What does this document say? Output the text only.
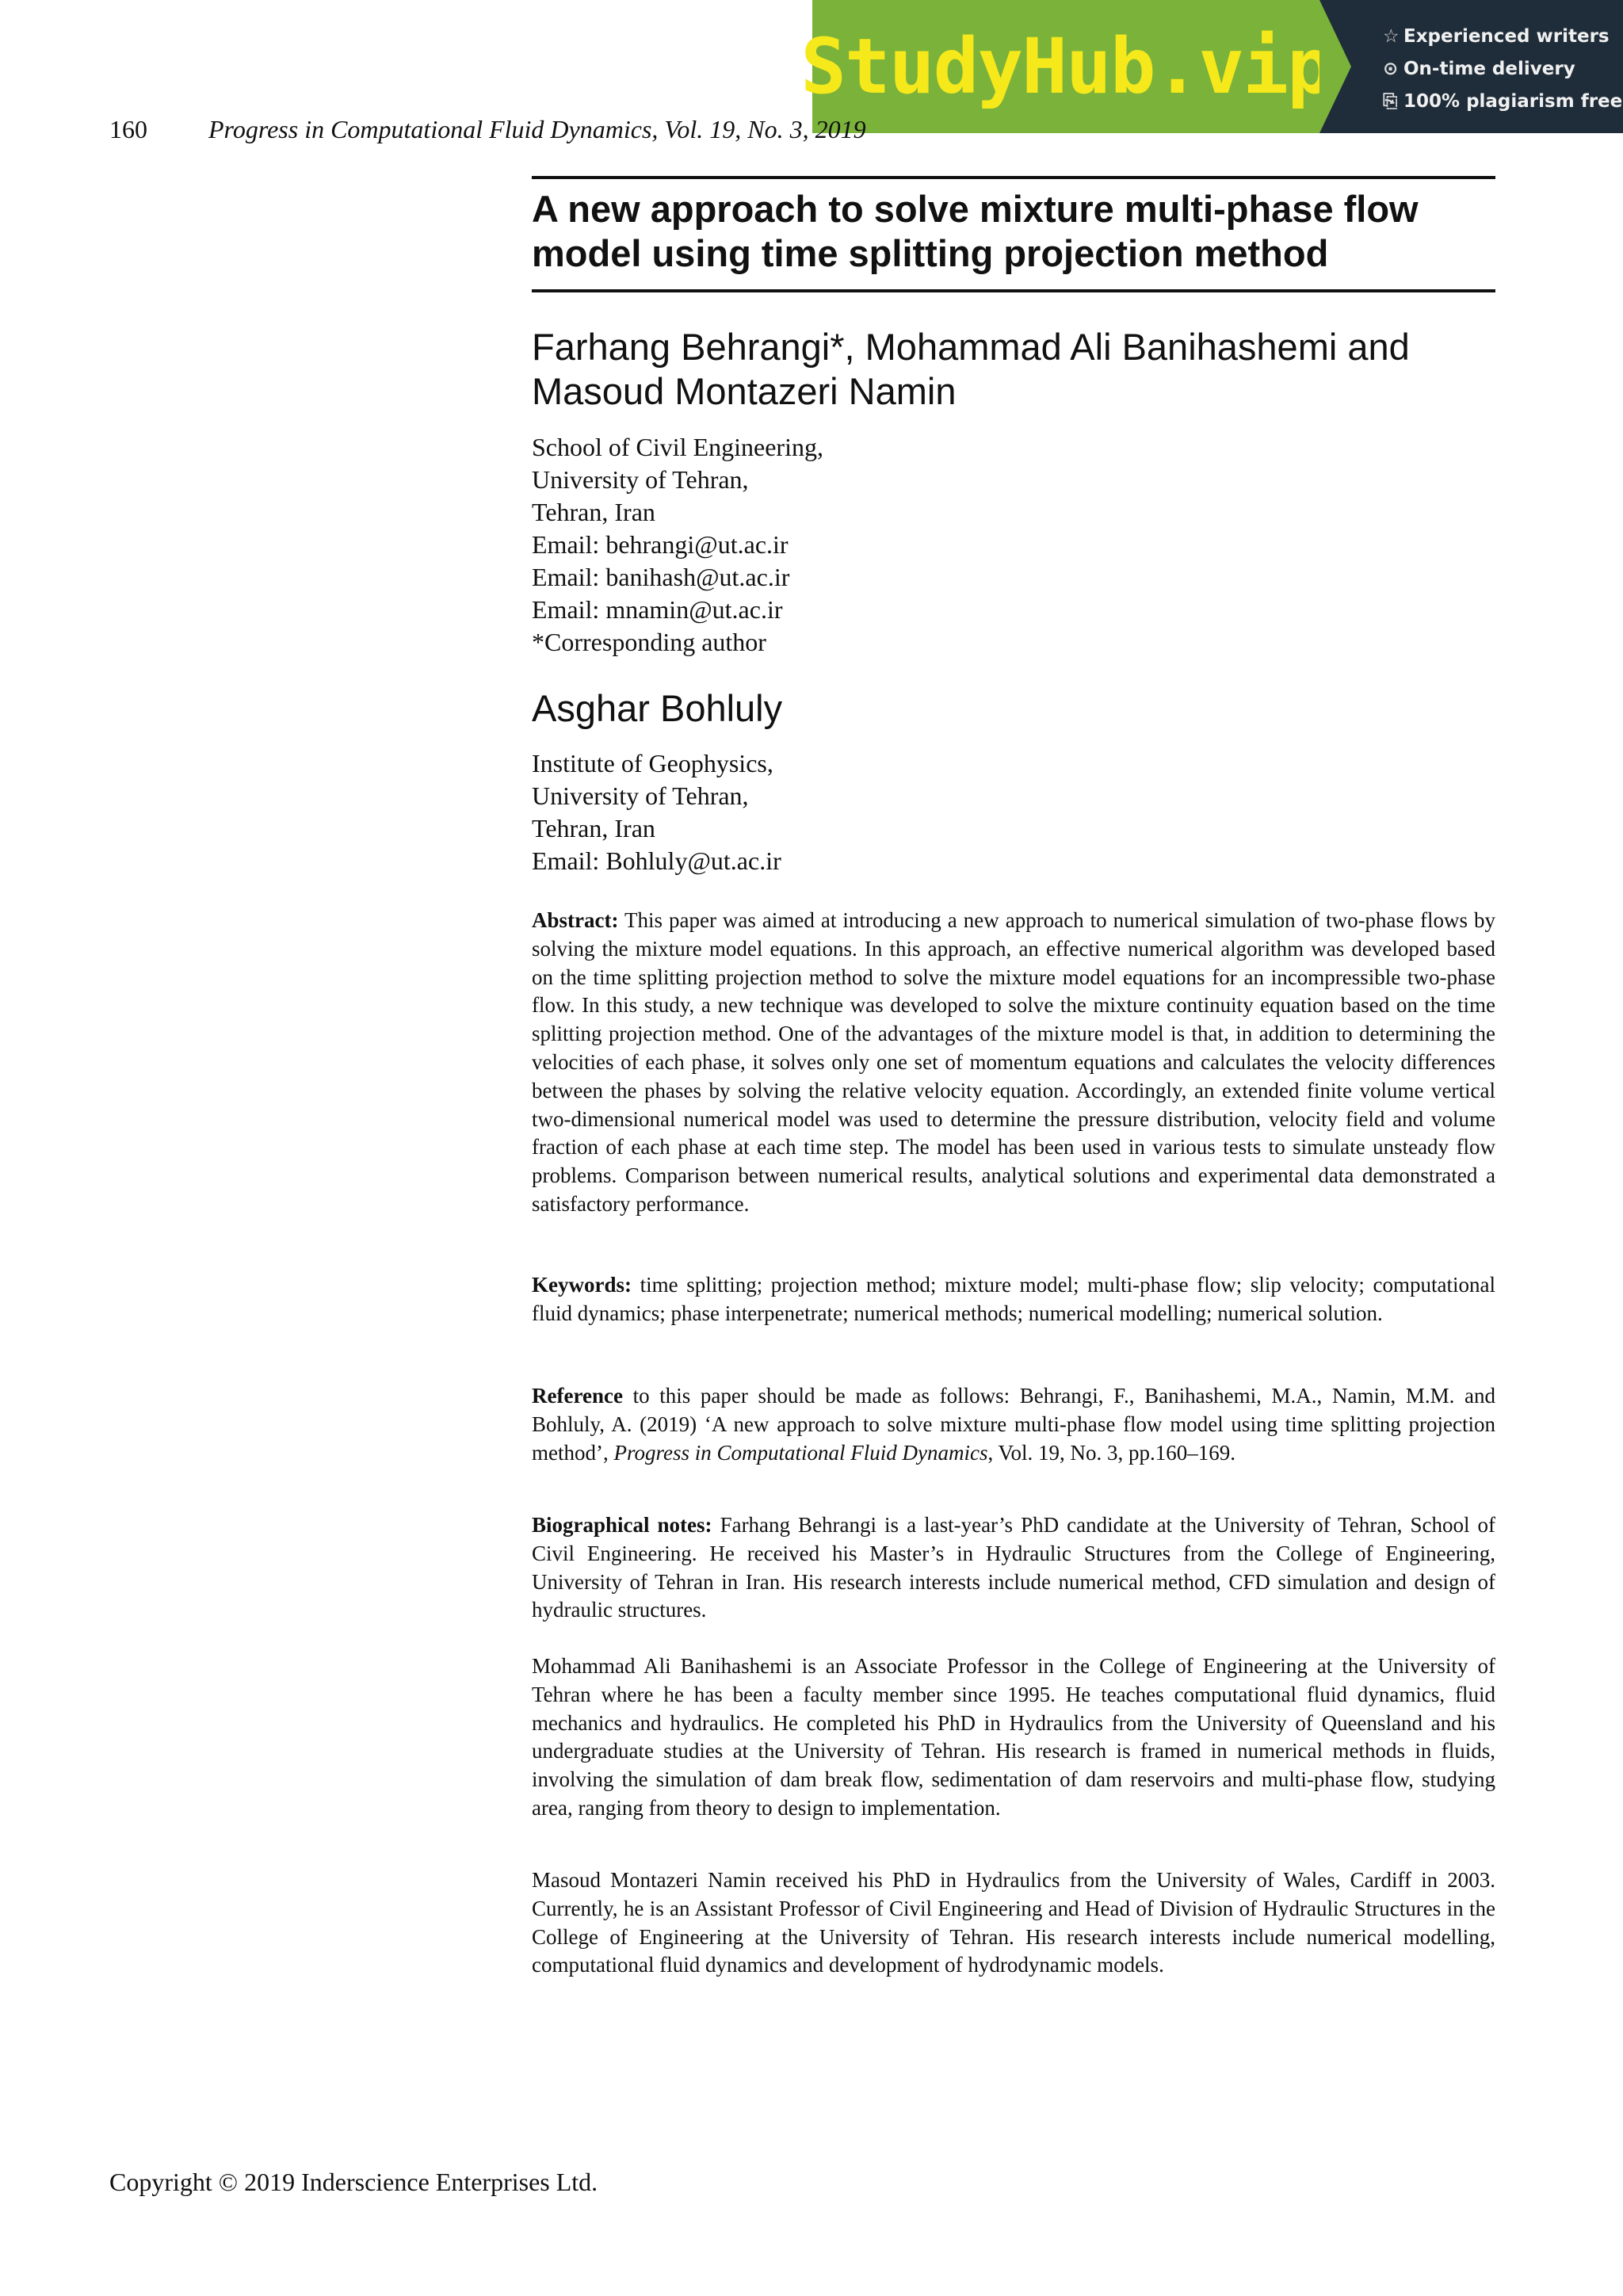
StudyHub.vip	☆ Experienced writers
⊙ On-time delivery
⎘ 100% plagiarism free
160 Progress in Computational Fluid Dynamics, Vol. 19, No. 3, 2019
A new approach to solve mixture multi-phase flow
model using time splitting projection method
Farhang Behrangi*, Mohammad Ali Banihashemi and
Masoud Montazeri Namin
School of Civil Engineering,
University of Tehran,
Tehran, Iran
Email: behrangi@ut.ac.ir
Email: banihash@ut.ac.ir
Email: mnamin@ut.ac.ir
*Corresponding author
Asghar Bohluly
Institute of Geophysics,
University of Tehran,
Tehran, Iran
Email: Bohluly@ut.ac.ir
Abstract: This paper was aimed at introducing a new approach to numerical simulation of two-phase flows by solving the mixture model equations. In this approach, an effective numerical algorithm was developed based on the time splitting projection method to solve the mixture model equations for an incompressible two-phase flow. In this study, a new technique was developed to solve the mixture continuity equation based on the time splitting projection method. One of the advantages of the mixture model is that, in addition to determining the velocities of each phase, it solves only one set of momentum equations and calculates the velocity differences between the phases by solving the relative velocity equation. Accordingly, an extended finite volume vertical two-dimensional numerical model was used to determine the pressure distribution, velocity field and volume fraction of each phase at each time step. The model has been used in various tests to simulate unsteady flow problems. Comparison between numerical results, analytical solutions and experimental data demonstrated a satisfactory performance.
Keywords: time splitting; projection method; mixture model; multi-phase flow; slip velocity; computational fluid dynamics; phase interpenetrate; numerical methods; numerical modelling; numerical solution.
Reference to this paper should be made as follows: Behrangi, F., Banihashemi, M.A., Namin, M.M. and Bohluly, A. (2019) ‘A new approach to solve mixture multi-phase flow model using time splitting projection method’, Progress in Computational Fluid Dynamics, Vol. 19, No. 3, pp.160–169.
Biographical notes: Farhang Behrangi is a last-year’s PhD candidate at the University of Tehran, School of Civil Engineering. He received his Master’s in Hydraulic Structures from the College of Engineering, University of Tehran in Iran. His research interests include numerical method, CFD simulation and design of hydraulic structures.
Mohammad Ali Banihashemi is an Associate Professor in the College of Engineering at the University of Tehran where he has been a faculty member since 1995. He teaches computational fluid dynamics, fluid mechanics and hydraulics. He completed his PhD in Hydraulics from the University of Queensland and his undergraduate studies at the University of Tehran. His research is framed in numerical methods in fluids, involving the simulation of dam break flow, sedimentation of dam reservoirs and multi-phase flow, studying area, ranging from theory to design to implementation.
Masoud Montazeri Namin received his PhD in Hydraulics from the University of Wales, Cardiff in 2003. Currently, he is an Assistant Professor of Civil Engineering and Head of Division of Hydraulic Structures in the College of Engineering at the University of Tehran. His research interests include numerical modelling, computational fluid dynamics and development of hydrodynamic models.
Copyright © 2019 Inderscience Enterprises Ltd.
